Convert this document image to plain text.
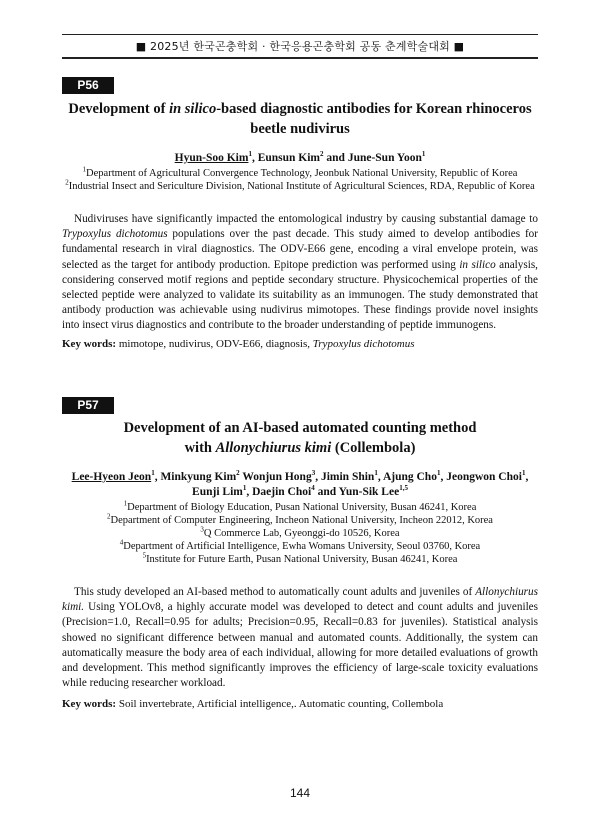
■ 2025년 한국곤충학회 · 한국응용곤충학회 공동 춘계학술대회 ■
P56
Development of in silico-based diagnostic antibodies for Korean rhinoceros beetle nudivirus
Hyun-Soo Kim$^1$, Eunsun Kim$^2$ and June-Sun Yoon$^1$
$^1$Department of Agricultural Convergence Technology, Jeonbuk National University, Republic of Korea
$^2$Industrial Insect and Sericulture Division, National Institute of Agricultural Sciences, RDA, Republic of Korea

Nudiviruses have significantly impacted the entomological industry by causing substantial damage to Trypoxylus dichotomus populations over the past decade. This study aimed to develop antibodies for fundamental research in viral diagnostics. The ODV-E66 gene, encoding a viral envelope protein, was selected as the target for antibody production. Epitope prediction was performed using in silico analysis, considering conserved motif regions and peptide secondary structure. Physicochemical properties of the selected peptide were analyzed to validate its suitability as an immunogen. The study demonstrated that antibody production was achievable using nudivirus mimotopes. These findings provide novel insights into insect virus diagnostics and contribute to the broader understanding of peptide immunogens.

Key words: mimotope, nudivirus, ODV-E66, diagnosis, Trypoxylus dichotomus
P57
Development of an AI-based automated counting method
with Allonychiurus kimi (Collembola)
Lee-Hyeon Jeon$^1$, Minkyung Kim$^2$ Wonjun Hong$^3$, Jimin Shin$^1$, Ajung Cho$^1$, Jeongwon Choi$^1$,
Eunji Lim$^1$, Daejin Choi$^4$ and Yun-Sik Lee$^{1,5}$
$^1$Department of Biology Education, Pusan National University, Busan 46241, Korea
$^2$Department of Computer Engineering, Incheon National University, Incheon 22012, Korea
$^3$Q Commerce Lab, Gyeonggi-do 10526, Korea
$^4$Department of Artificial Intelligence, Ewha Womans University, Seoul 03760, Korea
$^5$Institute for Future Earth, Pusan National University, Busan 46241, Korea

This study developed an AI-based method to automatically count adults and juveniles of Allonychiurus kimi. Using YOLOv8, a highly accurate model was developed to detect and count adults and juveniles (Precision=1.0, Recall=0.95 for adults; Precision=0.95, Recall=0.83 for juveniles). Statistical analysis showed no significant difference between manual and automated counts. Additionally, the system can automatically measure the body area of each individual, allowing for more detailed evaluations of growth and development. This method significantly improves the efficiency of large-scale toxicity evaluations while reducing researcher workload.

Key words: Soil invertebrate, Artificial intelligence,. Automatic counting, Collembola
144
